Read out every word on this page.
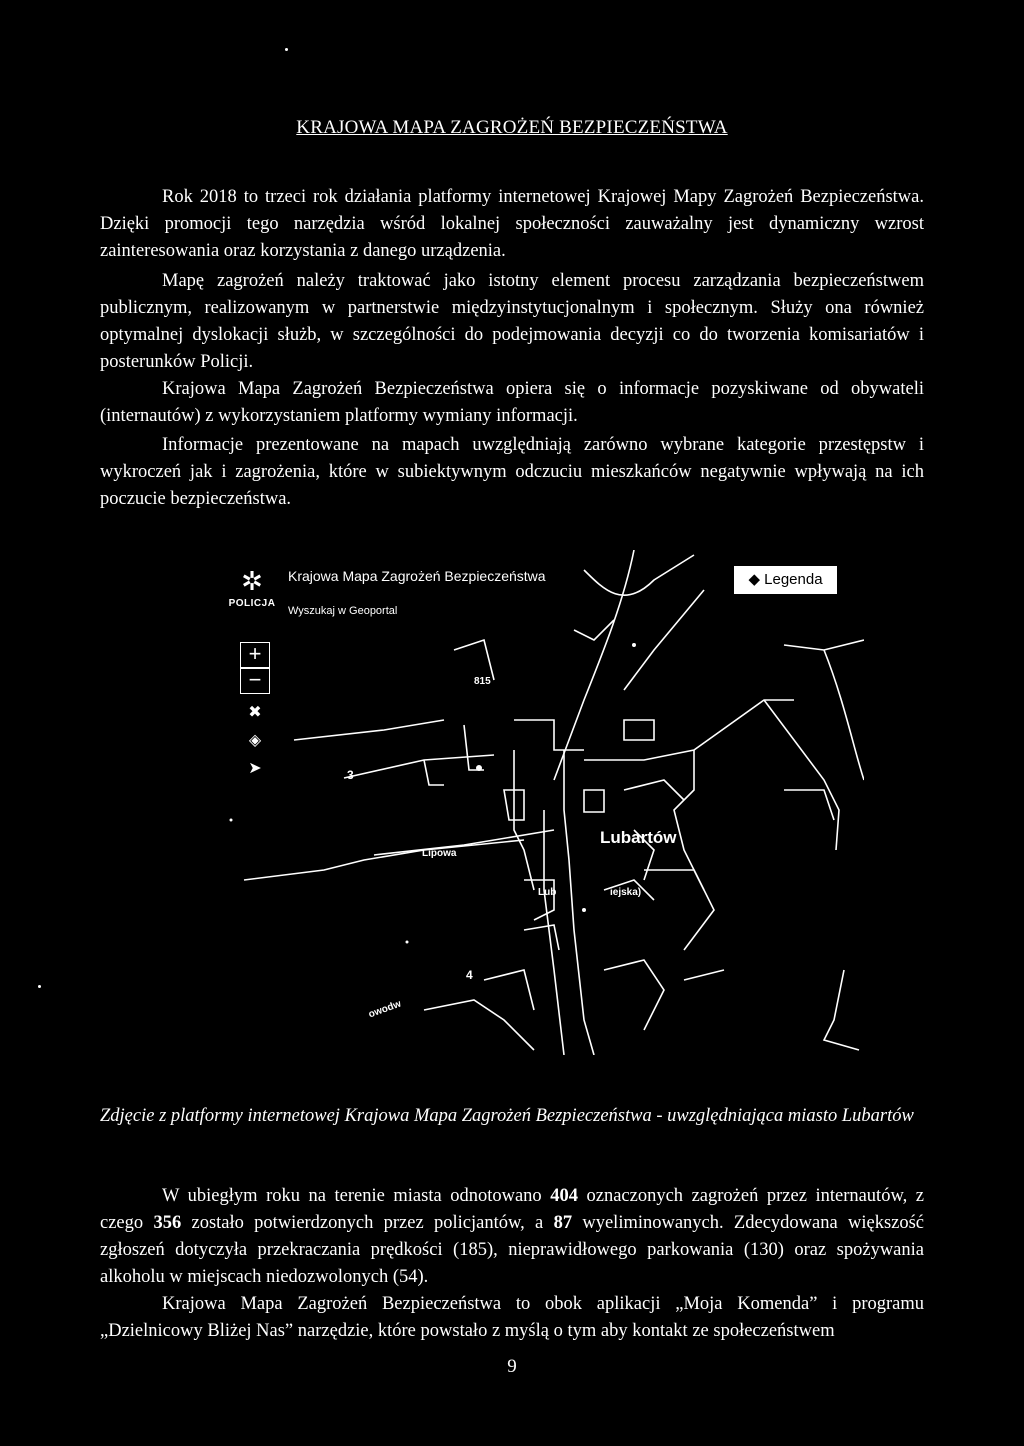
KRAJOWA MAPA ZAGROŻEŃ BEZPIECZEŃSTWA
Rok 2018 to trzeci rok działania platformy internetowej Krajowej Mapy Zagrożeń Bezpieczeństwa. Dzięki promocji tego narzędzia wśród lokalnej społeczności zauważalny jest dynamiczny wzrost zainteresowania oraz korzystania z danego urządzenia.
Mapę zagrożeń należy traktować jako istotny element procesu zarządzania bezpieczeństwem publicznym, realizowanym w partnerstwie międzyinstytucjonalnym i społecznym. Służy ona również optymalnej dyslokacji służb, w szczególności do podejmowania decyzji co do tworzenia komisariatów i posterunków Policji.
Krajowa Mapa Zagrożeń Bezpieczeństwa opiera się o informacje pozyskiwane od obywateli (internautów) z wykorzystaniem platformy wymiany informacji.
Informacje prezentowane na mapach uwzględniają zarówno wybrane kategorie przestępstw i wykroczeń jak i zagrożenia, które w subiektywnym odczuciu mieszkańców negatywnie wpływają na ich poczucie bezpieczeństwa.
✲
POLICJA
Krajowa Mapa Zagrożeń Bezpieczeństwa
Wyszukaj w Geoportal
+
−
✖
◈
➤
◆ Legenda
Lubartów
815
3
4
Lipowa
Lub	iejska)
owodw
Zdjęcie z platformy internetowej Krajowa Mapa Zagrożeń Bezpieczeństwa - uwzględniająca miasto Lubartów
W ubiegłym roku na terenie miasta odnotowano 404 oznaczonych zagrożeń przez internautów, z czego 356 zostało potwierdzonych przez policjantów, a 87 wyeliminowanych. Zdecydowana większość zgłoszeń dotyczyła przekraczania prędkości (185), nieprawidłowego parkowania (130) oraz spożywania alkoholu w miejscach niedozwolonych (54).
Krajowa Mapa Zagrożeń Bezpieczeństwa to obok aplikacji „Moja Komenda” i programu „Dzielnicowy Bliżej Nas” narzędzie, które powstało z myślą o tym aby kontakt ze społeczeństwem
9
